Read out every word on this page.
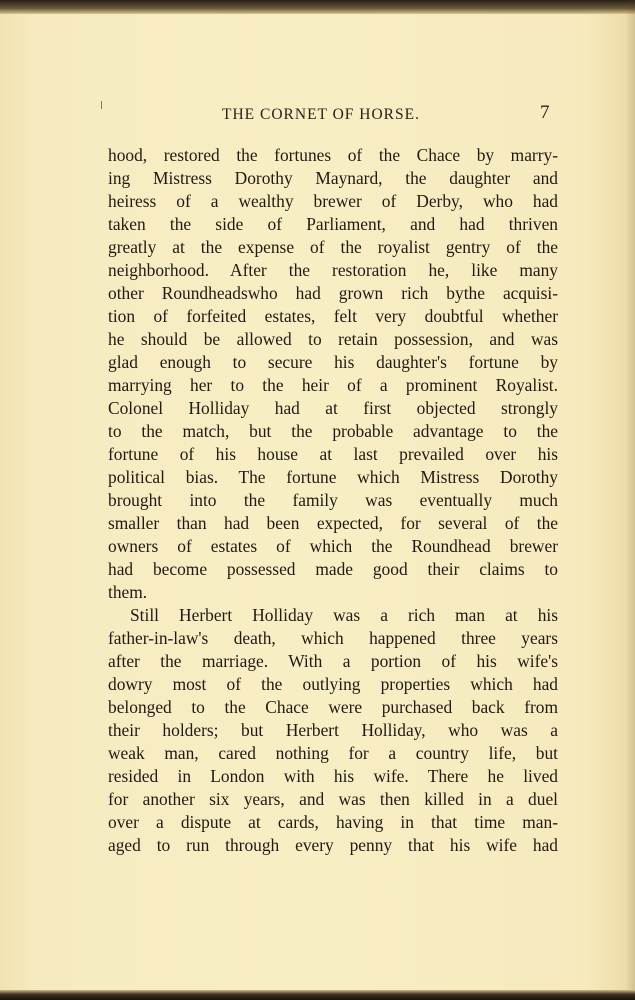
THE CORNET OF HORSE.	7
hood, restored the fortunes of the Chace by marry-
ing Mistress Dorothy Maynard, the daughter and
heiress of a wealthy brewer of Derby, who had
taken the side of Parliament, and had thriven
greatly at the expense of the royalist gentry of the
neighborhood. After the restoration he, like many
other Roundheadswho had grown rich bythe acquisi-
tion of forfeited estates, felt very doubtful whether
he should be allowed to retain possession, and was
glad enough to secure his daughter's fortune by
marrying her to the heir of a prominent Royalist.
Colonel Holliday had at first objected strongly
to the match, but the probable advantage to the
fortune of his house at last prevailed over his
political bias. The fortune which Mistress Dorothy
brought into the family was eventually much
smaller than had been expected, for several of the
owners of estates of which the Roundhead brewer
had become possessed made good their claims to
them.
Still Herbert Holliday was a rich man at his
father-in-law's death, which happened three years
after the marriage. With a portion of his wife's
dowry most of the outlying properties which had
belonged to the Chace were purchased back from
their holders; but Herbert Holliday, who was a
weak man, cared nothing for a country life, but
resided in London with his wife. There he lived
for another six years, and was then killed in a duel
over a dispute at cards, having in that time man-
aged to run through every penny that his wife had
